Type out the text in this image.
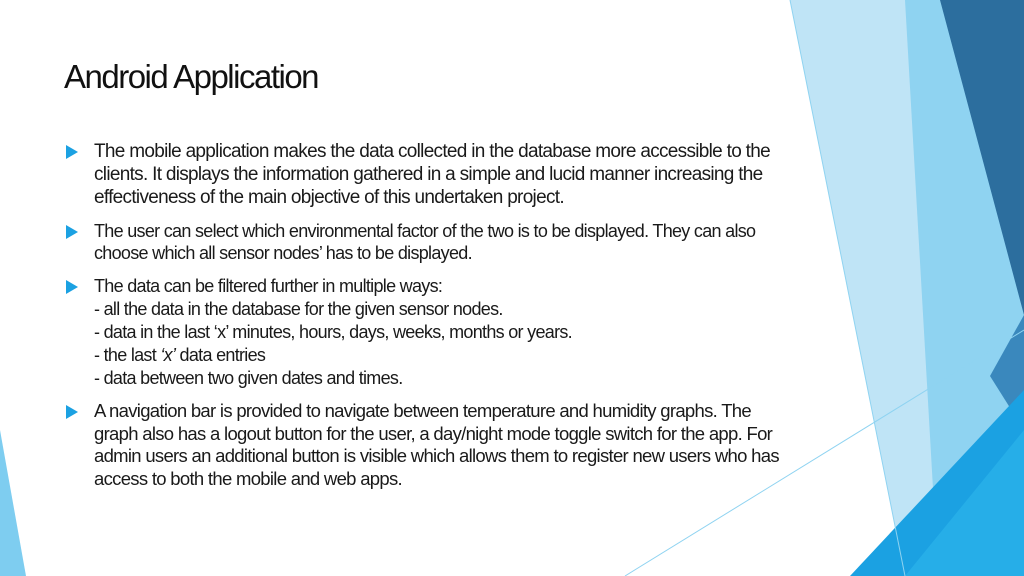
Android Application
The mobile application makes the data collected in the database more accessible to the clients. It displays the information gathered in a simple and lucid manner increasing the effectiveness of the main objective of this undertaken project.
The user can select which environmental factor of the two is to be displayed. They can also choose which all sensor nodes’ has to be displayed.
The data can be filtered further in multiple ways:
- all the data in the database for the given sensor nodes.
- data in the last ‘x’ minutes, hours, days, weeks, months or years.
- the last ‘x’ data entries
- data between two given dates and times.
A navigation bar is provided to navigate between temperature and humidity graphs. The graph also has a logout button for the user, a day/night mode toggle switch for the app. For admin users an additional button is visible which allows them to register new users who has access to both the mobile and web apps.
